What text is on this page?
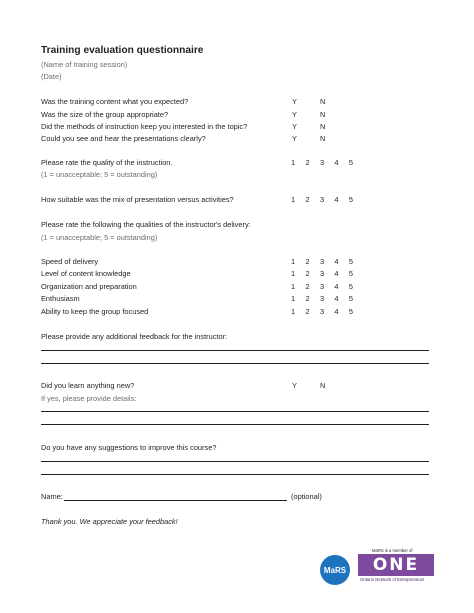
Training evaluation questionnaire
(Name of training session)
(Date)
Was the training content what you expected?	Y	N
Was the size of the group appropriate?	Y	N
Did the methods of instruction keep you interested in the topic?	Y	N
Could you see and hear the presentations clearly?	Y	N
Please rate the quality of the instruction.	1 2 3 4 5
(1 = unacceptable; 5 = outstanding)
How suitable was the mix of presentation versus activities?	1 2 3 4 5
Please rate the following the qualities of the instructor's delivery:
(1 = unacceptable; 5 = outstanding)
Speed of delivery	1 2 3 4 5
Level of content knowledge	1 2 3 4 5
Organization and preparation	1 2 3 4 5
Enthusiasm	1 2 3 4 5
Ability to keep the group focused	1 2 3 4 5
Please provide any additional feedback for the instructor:
Did you learn anything new?	Y	N
If yes, please provide details:
Do you have any suggestions to improve this course?
Name:	(optional)
Thank you. We appreciate your feedback!
MaRS
MaRS is a member of
ONE
Ontario Network of Entrepreneurs
